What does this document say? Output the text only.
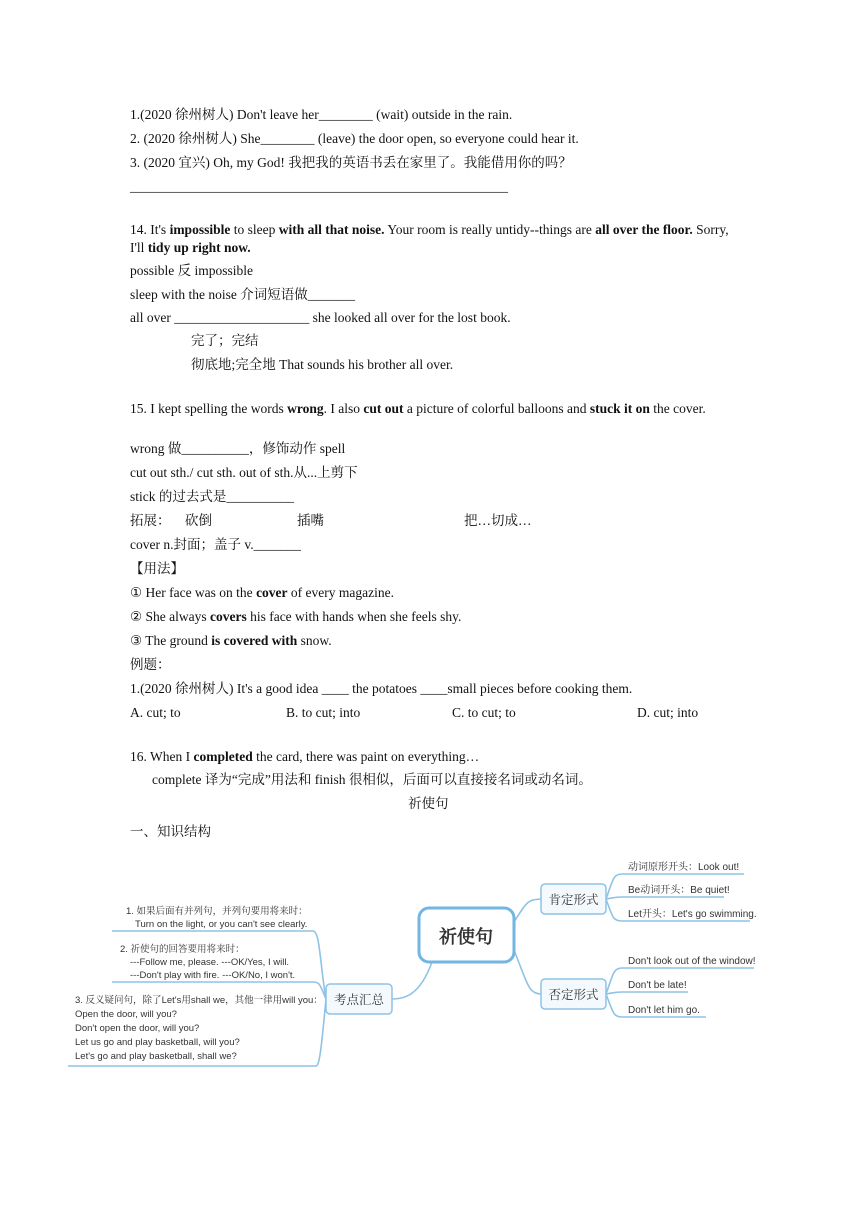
1.(2020 徐州树人) Don't leave her________ (wait) outside in the rain.
2. (2020 徐州树人) She________ (leave) the door open, so everyone could hear it.
3. (2020 宜兴) Oh, my God! 我把我的英语书丢在家里了。我能借用你的吗？
________________________________________________________
14. It's impossible to sleep with all that noise. Your room is really untidy--things are all over the floor. Sorry, I'll tidy up right now.
possible 反 impossible
sleep with the noise 介词短语做_______
all over ____________________ she looked all over for the lost book.
完了；完结
彻底地;完全地 That sounds his brother all over.
15. I kept spelling the words wrong. I also cut out a picture of colorful balloons and stuck it on the cover.
wrong 做__________，修饰动作 spell
cut out sth./ cut sth. out of sth.从...上剪下
stick 的过去式是__________
拓展： 砍倒	插嘴	把…切成…
cover n.封面；盖子 v._______
【用法】
① Her face was on the cover of every magazine.
② She always covers his face with hands when she feels shy.
③ The ground is covered with snow.
例题：
1.(2020 徐州树人) It's a good idea ____ the potatoes ____small pieces before cooking them.
A. cut; to	B. to cut; into	C. to cut; to	D. cut; into
16. When I completed the card, there was paint on everything…
complete 译为“完成”用法和 finish 很相似，后面可以直接接名词或动名词。
祈使句
一、知识结构
祈使句
肯定形式
否定形式
考点汇总
动词原形开头：Look out!
Be动词开头：Be quiet!
Let开头：Let's go swimming.
Don't look out of the window!
Don't be late!
Don't let him go.
1. 如果后面有并列句，并列句要用将来时：
Turn on the light, or you can't see clearly.
2. 祈使句的回答要用将来时：
---Follow me, please. ---OK/Yes, I will.
---Don't play with fire. ---OK/No, I won't.
3. 反义疑问句，除了Let's用shall we，其他一律用will you：
Open the door, will you?
Don't open the door, will you?
Let us go and play basketball, will you?
Let's go and play basketball, shall we?
